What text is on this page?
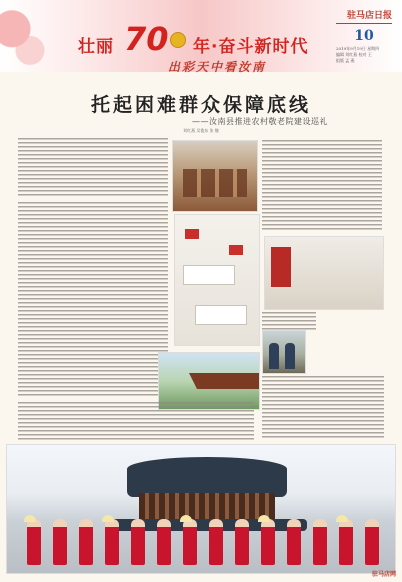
壮丽 70 年·奋斗新时代
出彩天中看汝南
驻马店日报
10
2019年9月19日 星期四
编辑 刘红燕 校对 王
组版 孟 燕
托起困难群众保障底线
——汝南县推进农村敬老院建设巡礼
刘红燕 吴俊东 张 继
驻马店网
